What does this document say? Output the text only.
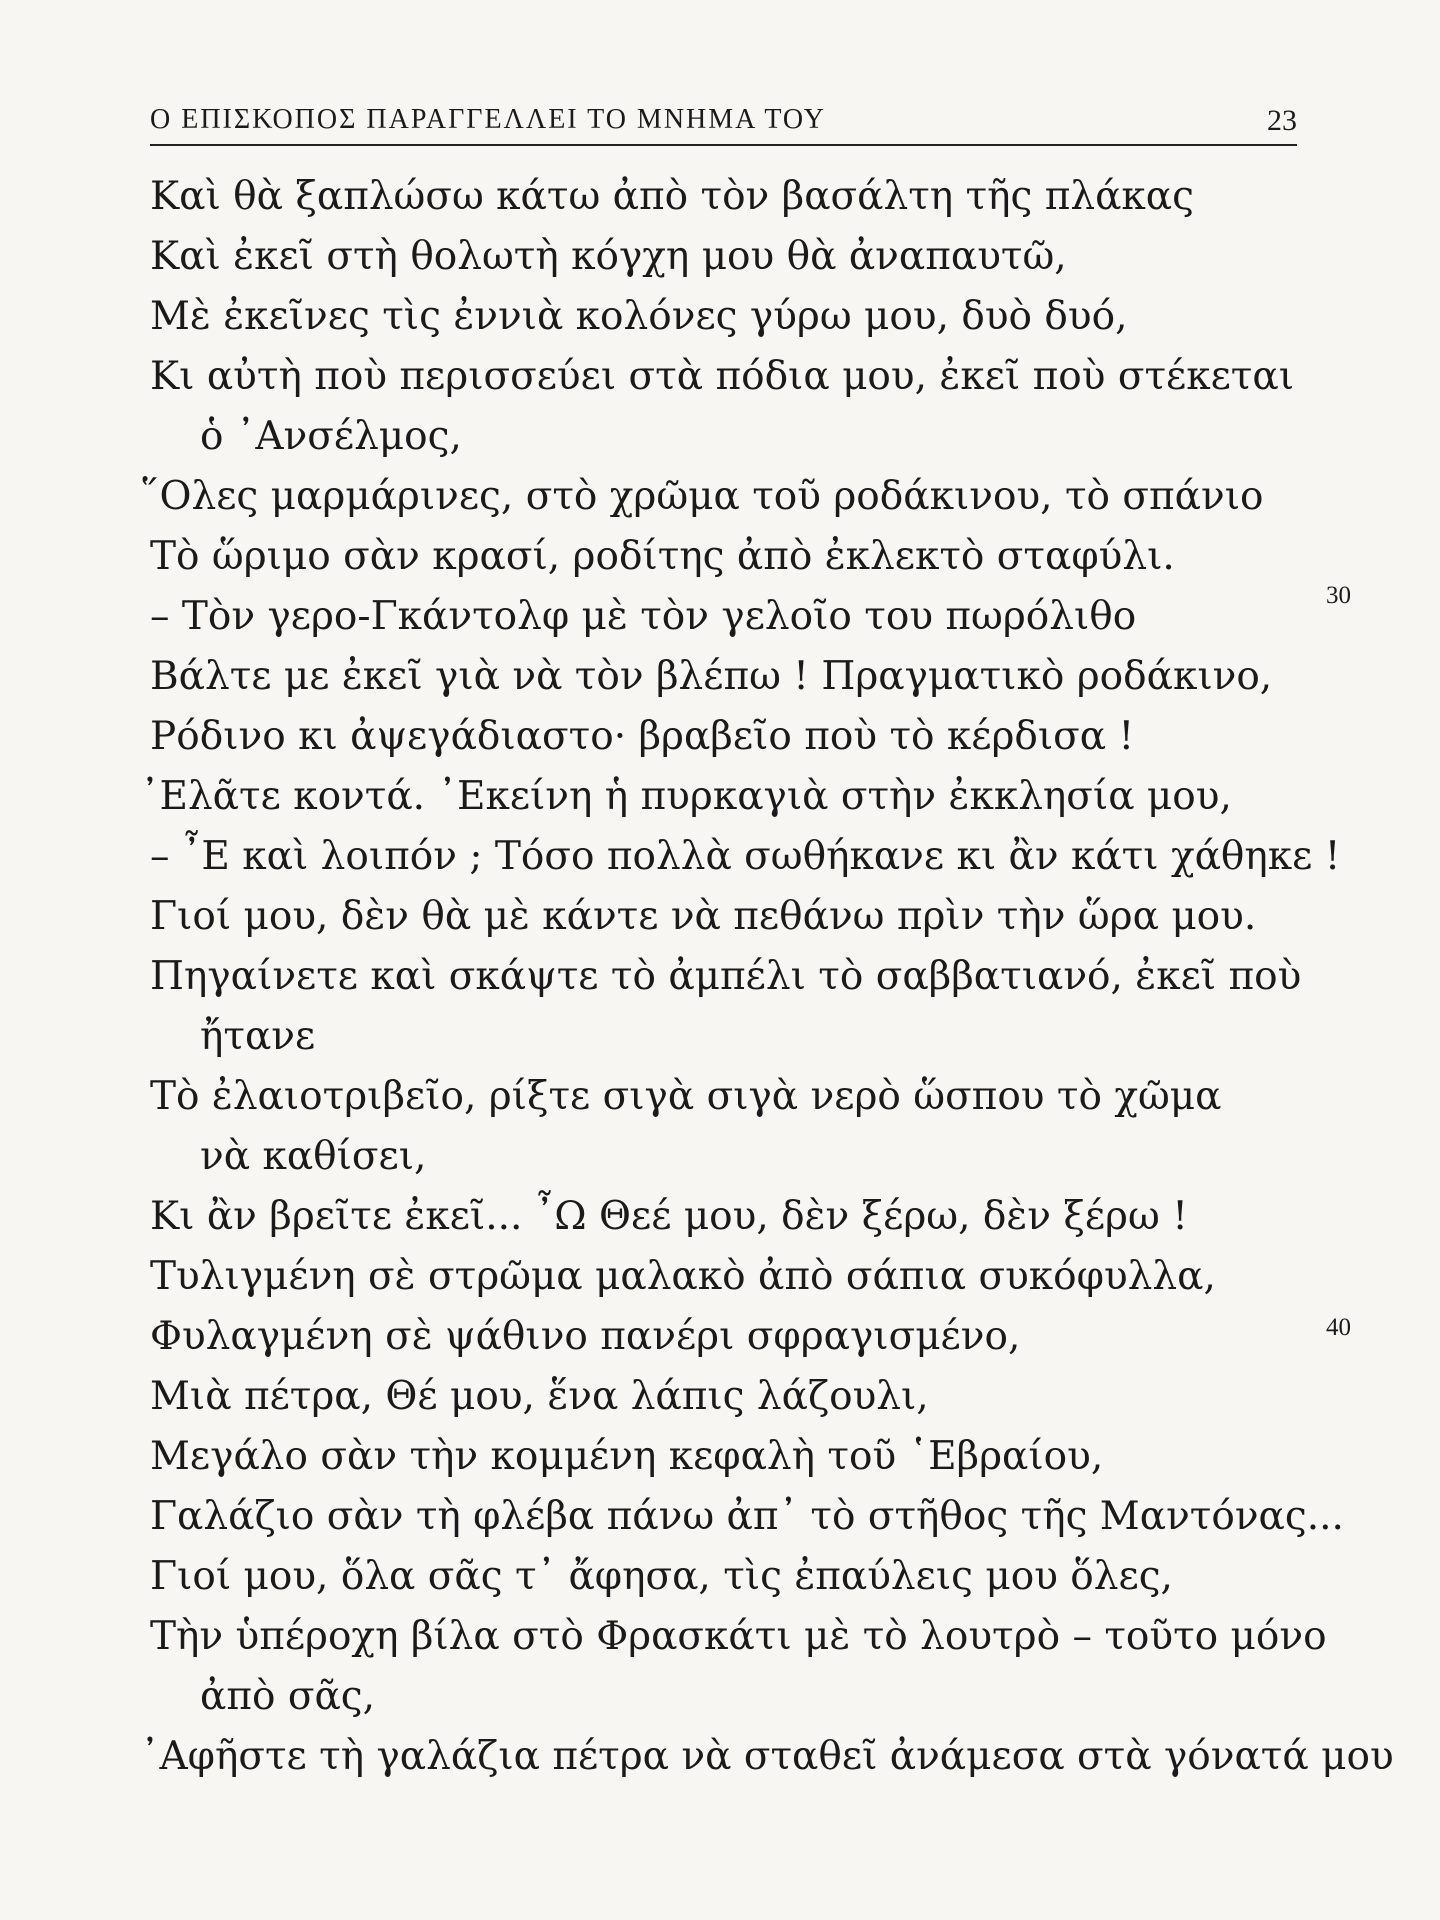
Ο ΕΠΙΣΚΟΠΟΣ ΠΑΡΑΓΓΕΛΛΕΙ ΤΟ ΜΝΗΜΑ ΤΟΥ	23
Καὶ θὰ ξαπλώσω κάτω ἀπὸ τὸν βασάλτη τῆς πλάκας
Καὶ ἐκεῖ στὴ θολωτὴ κόγχη μου θὰ ἀναπαυτῶ,
Μὲ ἐκεῖνες τὶς ἐννιὰ κολόνες γύρω μου, δυὸ δυό,
Κι αὐτὴ ποὺ περισσεύει στὰ πόδια μου, ἐκεῖ ποὺ στέκεται
ὁ ᾿Ανσέλμος,
῞Ολες μαρμάρινες, στὸ χρῶμα τοῦ ροδάκινου, τὸ σπάνιο
Τὸ ὥριμο σὰν κρασί, ροδίτης ἀπὸ ἐκλεκτὸ σταφύλι.
– Τὸν γερο-Γκάντολφ μὲ τὸν γελοῖο του πωρόλιθο
Βάλτε με ἐκεῖ γιὰ νὰ τὸν βλέπω ! Πραγματικὸ ροδάκινο,
Ρόδινο κι ἀψεγάδιαστο· βραβεῖο ποὺ τὸ κέρδισα !
᾿Ελᾶτε κοντά. ᾿Εκείνη ἡ πυρκαγιὰ στὴν ἐκκλησία μου,
– ῏Ε καὶ λοιπόν ; Τόσο πολλὰ σωθήκανε κι ἂν κάτι χάθηκε !
Γιοί μου, δὲν θὰ μὲ κάντε νὰ πεθάνω πρὶν τὴν ὥρα μου.
Πηγαίνετε καὶ σκάψτε τὸ ἀμπέλι τὸ σαββατιανό, ἐκεῖ ποὺ
ἤτανε
Τὸ ἐλαιοτριβεῖο, ρίξτε σιγὰ σιγὰ νερὸ ὥσπου τὸ χῶμα
νὰ καθίσει,
Κι ἂν βρεῖτε ἐκεῖ... ῏Ω Θεέ μου, δὲν ξέρω, δὲν ξέρω !
Τυλιγμένη σὲ στρῶμα μαλακὸ ἀπὸ σάπια συκόφυλλα,
Φυλαγμένη σὲ ψάθινο πανέρι σφραγισμένο,
Μιὰ πέτρα, Θέ μου, ἕνα λάπις λάζουλι,
Μεγάλο σὰν τὴν κομμένη κεφαλὴ τοῦ ῾Εβραίου,
Γαλάζιο σὰν τὴ φλέβα πάνω ἀπ᾿ τὸ στῆθος τῆς Μαντόνας...
Γιοί μου, ὅλα σᾶς τ᾿ ἄφησα, τὶς ἐπαύλεις μου ὅλες,
Τὴν ὑπέροχη βίλα στὸ Φρασκάτι μὲ τὸ λουτρὸ – τοῦτο μόνο
ἀπὸ σᾶς,
᾿Αφῆστε τὴ γαλάζια πέτρα νὰ σταθεῖ ἀνάμεσα στὰ γόνατά μου
30
40
